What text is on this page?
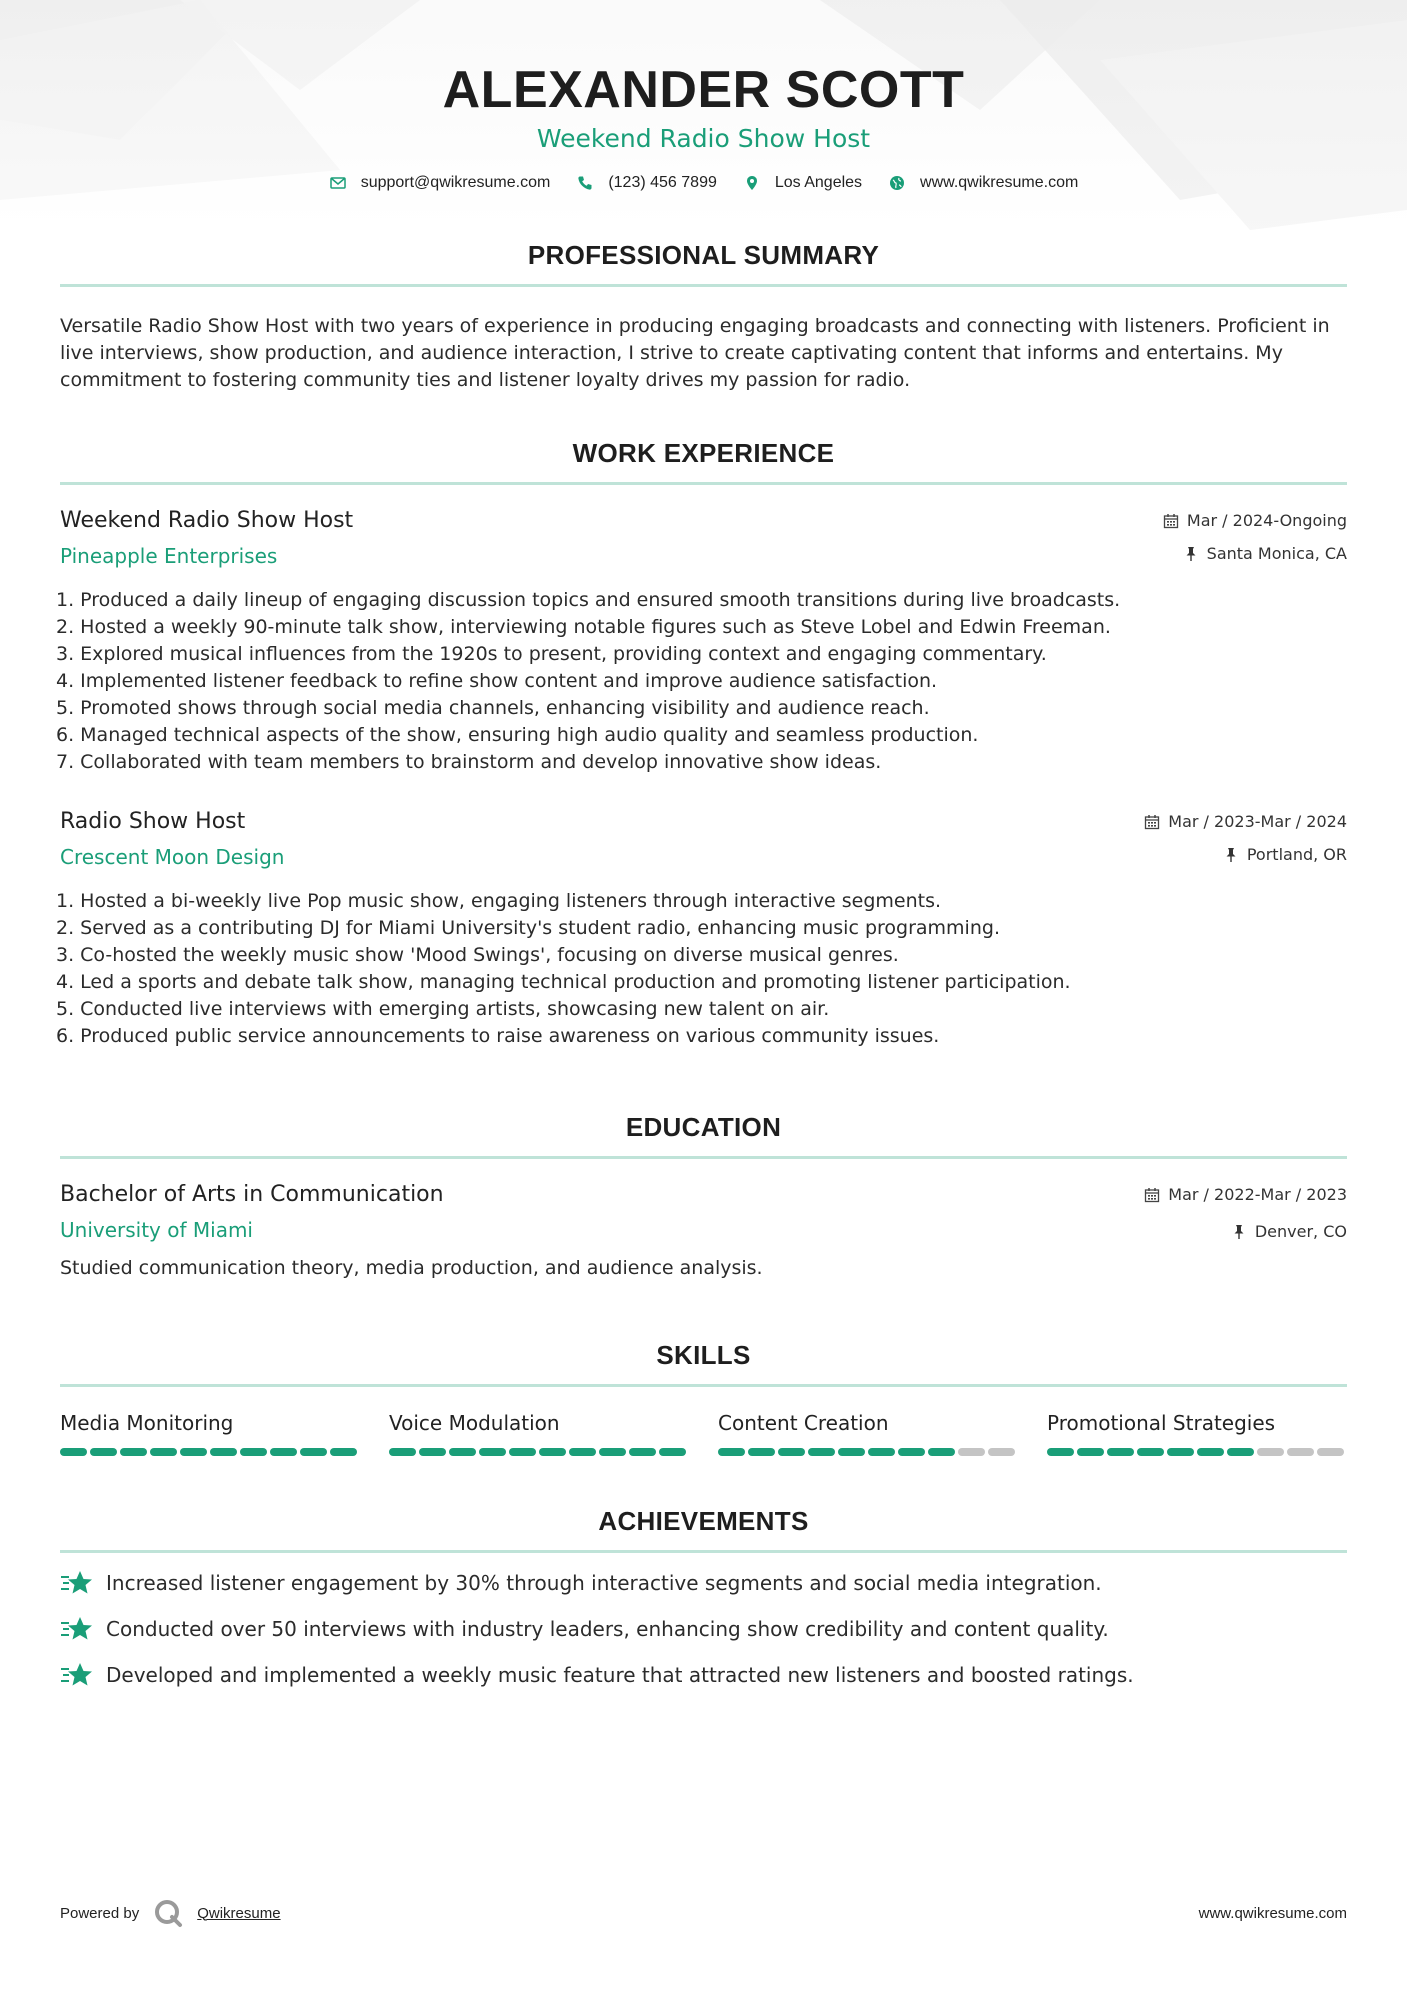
ALEXANDER SCOTT
Weekend Radio Show Host
support@qwikresume.com	(123) 456 7899	Los Angeles	www.qwikresume.com
PROFESSIONAL SUMMARY

Versatile Radio Show Host with two years of experience in producing engaging broadcasts and connecting with listeners. Proficient in live interviews, show production, and audience interaction, I strive to create captivating content that informs and entertains. My commitment to fostering community ties and listener loyalty drives my passion for radio.

WORK EXPERIENCE
Weekend Radio Show Host
Pineapple Enterprises
Mar / 2024-Ongoing
Santa Monica, CA
1. Produced a daily lineup of engaging discussion topics and ensured smooth transitions during live broadcasts.
2. Hosted a weekly 90-minute talk show, interviewing notable figures such as Steve Lobel and Edwin Freeman.
3. Explored musical influences from the 1920s to present, providing context and engaging commentary.
4. Implemented listener feedback to refine show content and improve audience satisfaction.
5. Promoted shows through social media channels, enhancing visibility and audience reach.
6. Managed technical aspects of the show, ensuring high audio quality and seamless production.
7. Collaborated with team members to brainstorm and develop innovative show ideas.
Radio Show Host
Crescent Moon Design
Mar / 2023-Mar / 2024
Portland, OR
1. Hosted a bi-weekly live Pop music show, engaging listeners through interactive segments.
2. Served as a contributing DJ for Miami University's student radio, enhancing music programming.
3. Co-hosted the weekly music show 'Mood Swings', focusing on diverse musical genres.
4. Led a sports and debate talk show, managing technical production and promoting listener participation.
5. Conducted live interviews with emerging artists, showcasing new talent on air.
6. Produced public service announcements to raise awareness on various community issues.
EDUCATION
Bachelor of Arts in Communication
University of Miami
Mar / 2022-Mar / 2023
Denver, CO

Studied communication theory, media production, and audience analysis.

SKILLS
Media Monitoring	Voice Modulation	Content Creation	Promotional Strategies
ACHIEVEMENTS
Increased listener engagement by 30% through interactive segments and social media integration.
Conducted over 50 interviews with industry leaders, enhancing show credibility and content quality.
Developed and implemented a weekly music feature that attracted new listeners and boosted ratings.
Powered by	Qwikresume	www.qwikresume.com
